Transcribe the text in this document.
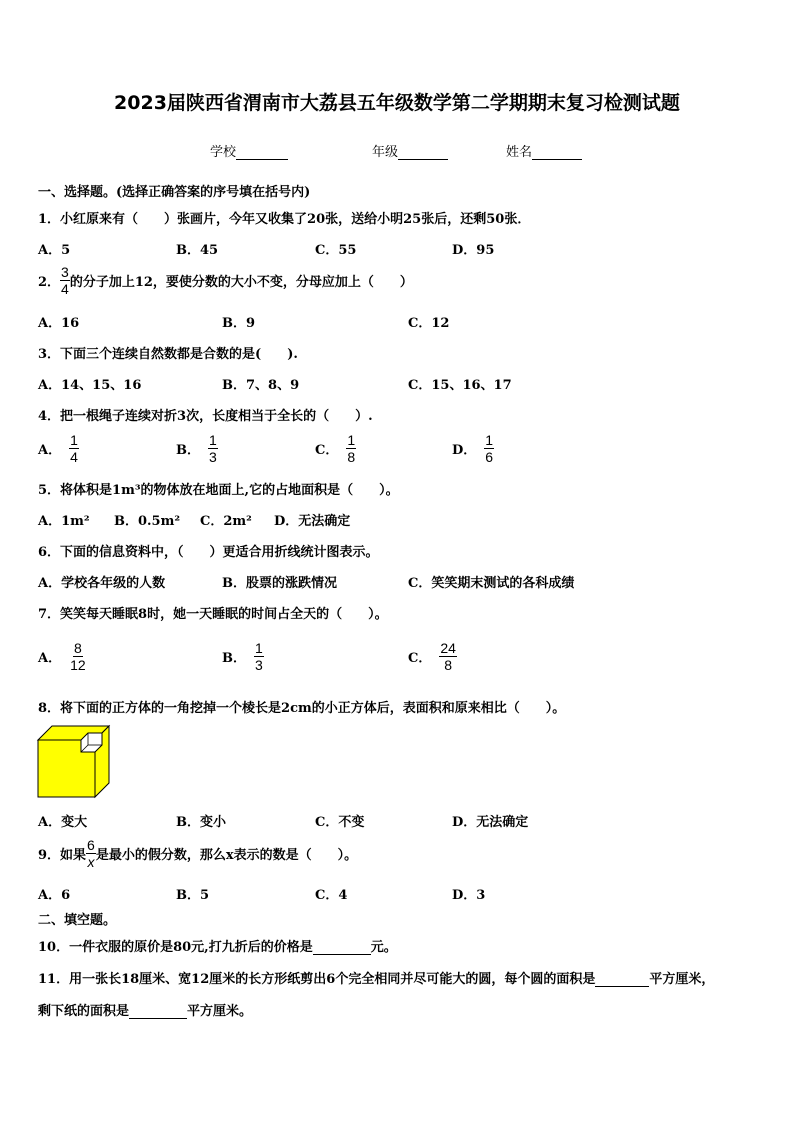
2023届陕西省渭南市大荔县五年级数学第二学期期末复习检测试题
学校	年级	姓名
一、选择题。(选择正确答案的序号填在括号内)
1．小红原来有（　　）张画片，今年又收集了20张，送给小明25张后，还剩50张．
A．5	B．45	C．55	D．95
2． $\frac{3}{4}$ 的分子加上12，要使分数的大小不变，分母应加上（　　）
A．16	B．9	C．12
3．下面三个连续自然数都是合数的是(　　).
A．14、15、16	B．7、8、9	C．15、16、17
4．把一根绳子连续对折3次，长度相当于全长的（　　）.
A． $\frac{1}{4}$	B． $\frac{1}{3}$	C． $\frac{1}{8}$	D． $\frac{1}{6}$
5．将体积是1m³的物体放在地面上,它的占地面积是（　　）。
A．1m² B．0.5m² C．2m² D．无法确定
6．下面的信息资料中，（　　）更适合用折线统计图表示。
A．学校各年级的人数	B．股票的涨跌情况	C．笑笑期末测试的各科成绩
7．笑笑每天睡眠8时，她一天睡眠的时间占全天的（　　）。
A． $\frac{8}{12}$	B． $\frac{1}{3}$	C． $\frac{24}{8}$
8．将下面的正方体的一角挖掉一个棱长是2cm的小正方体后，表面积和原来相比（　　）。
A．变大	B．变小	C．不变	D．无法确定
9．如果 $\frac{6}{x}$ 是最小的假分数，那么x表示的数是（　　）。
A．6	B．5	C．4	D．3
二、填空题。
10．一件衣服的原价是80元,打九折后的价格是	元。
11．用一张长18厘米、宽12厘米的长方形纸剪出6个完全相同并尽可能大的圆，每个圆的面积是	平方厘米，
剩下纸的面积是	平方厘米。
